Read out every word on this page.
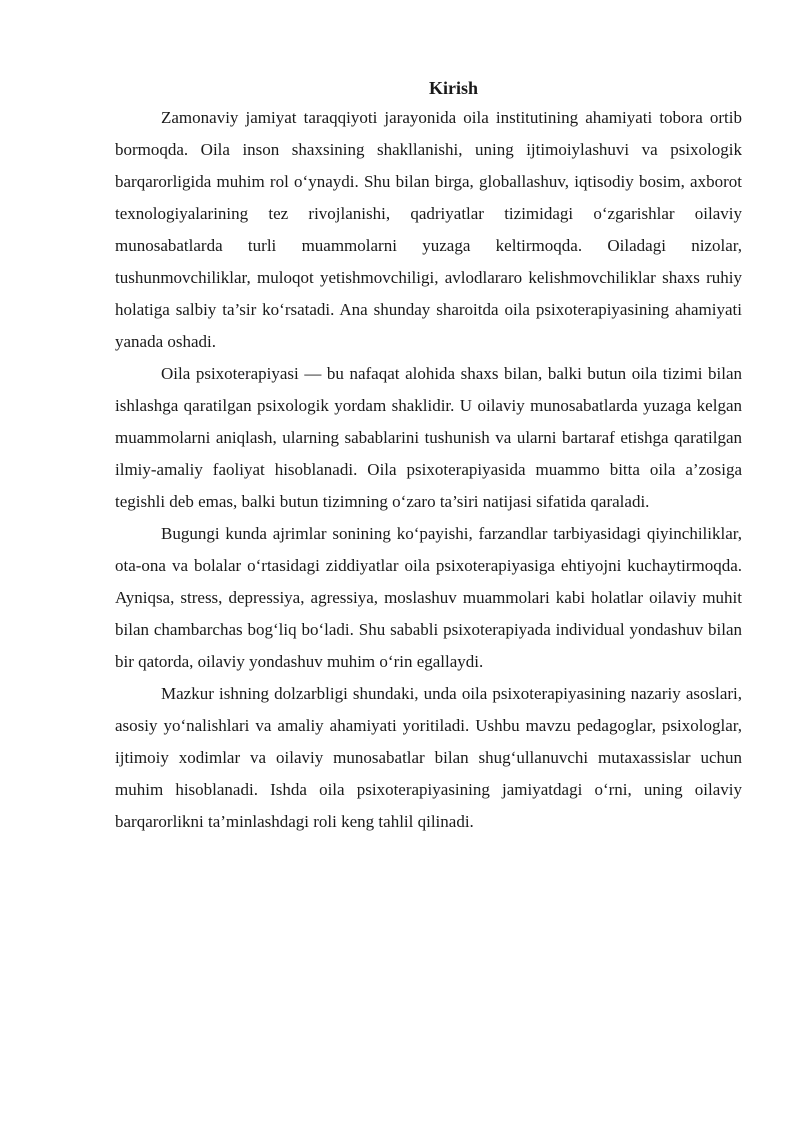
Kirish

Zamonaviy jamiyat taraqqiyoti jarayonida oila institutining ahamiyati tobora ortib bormoqda. Oila inson shaxsining shakllanishi, uning ijtimoiylashuvi va psixologik barqarorligida muhim rol o‘ynaydi. Shu bilan birga, globallashuv, iqtisodiy bosim, axborot texnologiyalarining tez rivojlanishi, qadriyatlar tizimidagi o‘zgarishlar oilaviy munosabatlarda turli muammolarni yuzaga keltirmoqda. Oiladagi nizolar, tushunmovchiliklar, muloqot yetishmovchiligi, avlodlararo kelishmovchiliklar shaxs ruhiy holatiga salbiy ta’sir ko‘rsatadi. Ana shunday sharoitda oila psixoterapiyasining ahamiyati yanada oshadi.

Oila psixoterapiyasi — bu nafaqat alohida shaxs bilan, balki butun oila tizimi bilan ishlashga qaratilgan psixologik yordam shaklidir. U oilaviy munosabatlarda yuzaga kelgan muammolarni aniqlash, ularning sabablarini tushunish va ularni bartaraf etishga qaratilgan ilmiy-amaliy faoliyat hisoblanadi. Oila psixoterapiyasida muammo bitta oila a’zosiga tegishli deb emas, balki butun tizimning o‘zaro ta’siri natijasi sifatida qaraladi.

Bugungi kunda ajrimlar sonining ko‘payishi, farzandlar tarbiyasidagi qiyinchiliklar, ota-ona va bolalar o‘rtasidagi ziddiyatlar oila psixoterapiyasiga ehtiyojni kuchaytirmoqda. Ayniqsa, stress, depressiya, agressiya, moslashuv muammolari kabi holatlar oilaviy muhit bilan chambarchas bog‘liq bo‘ladi. Shu sababli psixoterapiyada individual yondashuv bilan bir qatorda, oilaviy yondashuv muhim o‘rin egallaydi.

Mazkur ishning dolzarbligi shundaki, unda oila psixoterapiyasining nazariy asoslari, asosiy yo‘nalishlari va amaliy ahamiyati yoritiladi. Ushbu mavzu pedagoglar, psixologlar, ijtimoiy xodimlar va oilaviy munosabatlar bilan shug‘ullanuvchi mutaxassislar uchun muhim hisoblanadi. Ishda oila psixoterapiyasining jamiyatdagi o‘rni, uning oilaviy barqarorlikni ta’minlashdagi roli keng tahlil qilinadi.
